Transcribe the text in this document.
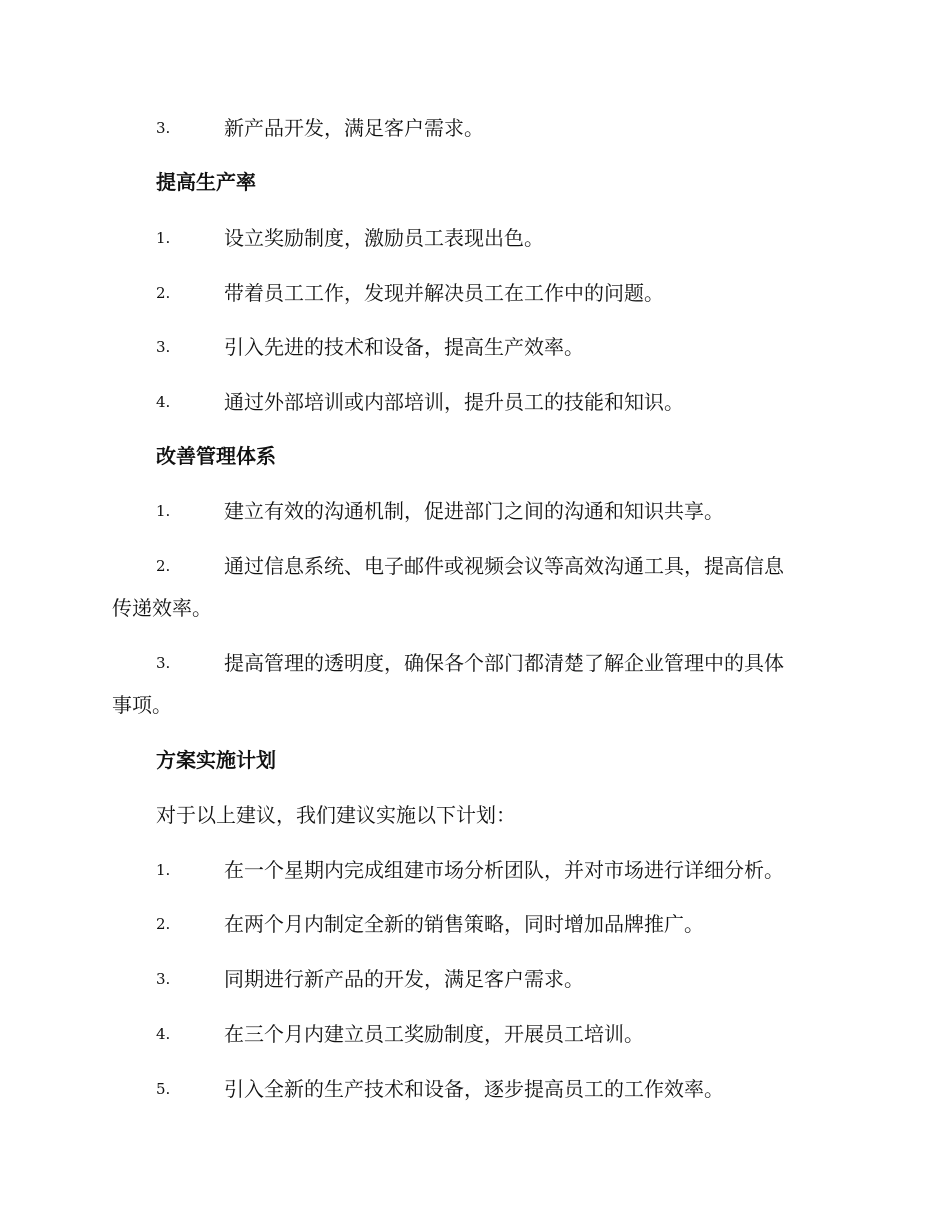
3.	新产品开发，满足客户需求。
提高生产率
1.	设立奖励制度，激励员工表现出色。
2.	带着员工工作，发现并解决员工在工作中的问题。
3.	引入先进的技术和设备，提高生产效率。
4.	通过外部培训或内部培训，提升员工的技能和知识。
改善管理体系
1.	建立有效的沟通机制，促进部门之间的沟通和知识共享。
2.	通过信息系统、电子邮件或视频会议等高效沟通工具，提高信息
传递效率。
3.	提高管理的透明度，确保各个部门都清楚了解企业管理中的具体
事项。
方案实施计划
对于以上建议，我们建议实施以下计划：
1.	在一个星期内完成组建市场分析团队，并对市场进行详细分析。
2.	在两个月内制定全新的销售策略，同时增加品牌推广。
3.	同期进行新产品的开发，满足客户需求。
4.	在三个月内建立员工奖励制度，开展员工培训。
5.	引入全新的生产技术和设备，逐步提高员工的工作效率。
